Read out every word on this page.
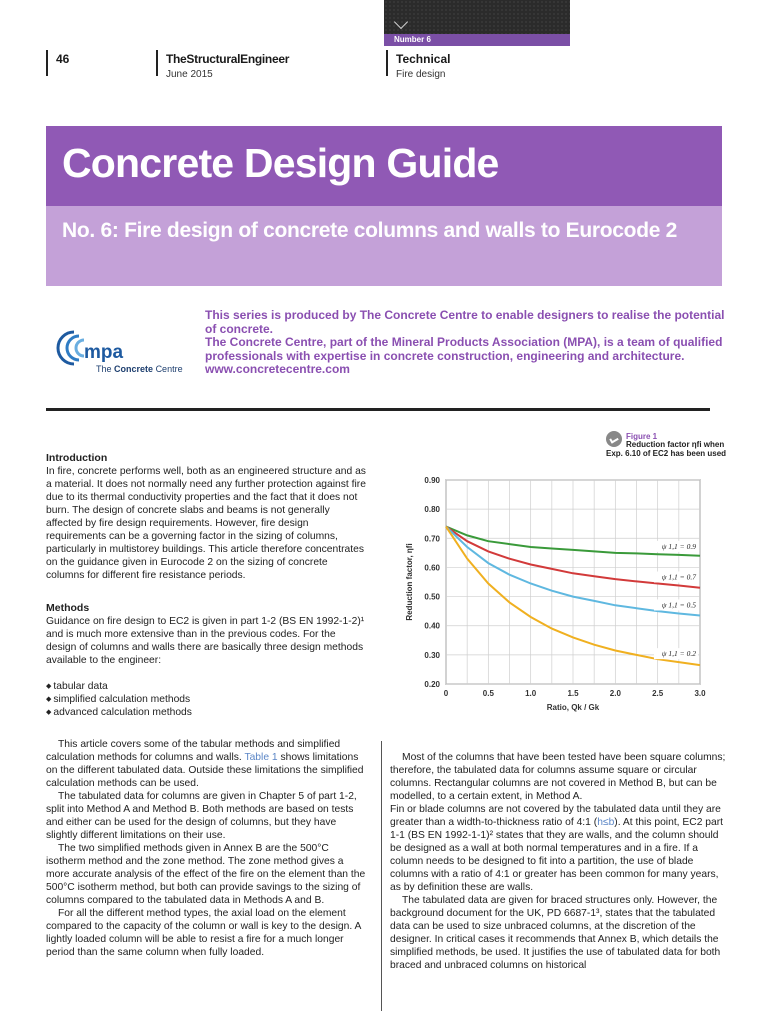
Number 6
46	TheStructuralEngineer
June 2015
Technical
Fire design
Concrete Design Guide
No. 6: Fire design of concrete columns and walls to Eurocode 2
mpa
The Concrete Centre

This series is produced by The Concrete Centre to enable designers to realise the potential of concrete.

The Concrete Centre, part of the Mineral Products Association (MPA), is a team of qualified professionals with expertise in concrete construction, engineering and architecture.

www.concretecentre.com

Introduction

In fire, concrete performs well, both as an engineered structure and as a material. It does not normally need any further protection against fire due to its thermal conductivity properties and the fact that it does not burn. The design of concrete slabs and beams is not generally affected by fire design requirements. However, fire design requirements can be a governing factor in the sizing of columns, particularly in multistorey buildings. This article therefore concentrates on the guidance given in Eurocode 2 on the sizing of concrete columns for different fire resistance periods.

Methods

Guidance on fire design to EC2 is given in part 1-2 (BS EN 1992-1-2)¹ and is much more extensive than in the previous codes. For the design of columns and walls there are basically three design methods available to the engineer:

◆ tabular data
◆ simplified calculation methods
◆ advanced calculation methods

This article covers some of the tabular methods and simplified calculation methods for columns and walls. Table 1 shows limitations on the different tabulated data. Outside these limitations the simplified calculation methods can be used.

The tabulated data for columns are given in Chapter 5 of part 1-2, split into Method A and Method B. Both methods are based on tests and either can be used for the design of columns, but they have slightly different limitations on their use.

The two simplified methods given in Annex B are the 500°C isotherm method and the zone method. The zone method gives a more accurate analysis of the effect of the fire on the element than the 500°C isotherm method, but both can provide savings to the sizing of columns compared to the tabulated data in Methods A and B.

For all the different method types, the axial load on the element compared to the capacity of the column or wall is key to the design. A lightly loaded column will be able to resist a fire for a much longer period than the same column when fully loaded.

Most of the columns that have been tested have been square columns; therefore, the tabulated data for columns assume square or circular columns. Rectangular columns are not covered in Method B, but can be modelled, to a certain extent, in Method A.

Fin or blade columns are not covered by the tabulated data until they are greater than a width-to-thickness ratio of 4:1 (h≤b). At this point, EC2 part 1-1 (BS EN 1992-1-1)² states that they are walls, and the column should be designed as a wall at both normal temperatures and in a fire. If a column needs to be designed to fit into a partition, the use of blade columns with a ratio of 4:1 or greater has been common for many years, as by definition these are walls.

The tabulated data are given for braced structures only. However, the background document for the UK, PD 6687-1³, states that the tabulated data can be used to size unbraced columns, at the discretion of the designer. In critical cases it recommends that Annex B, which details the simplified methods, be used. It justifies the use of tabulated data for both braced and unbraced columns on historical

Figure 1
Reduction factor ηfi when
Exp. 6.10 of EC2 has been used
0.20
0.30
0.40
0.50
0.60
0.70
0.80
0.90
0	0.5	1.0	1.5	2.0	2.5	3.0
Ratio, Qk / Gk
Reduction factor, ηfi	ψ 1,1 = 0.9
ψ 1,1 = 0.7
ψ 1,1 = 0.5
ψ 1,1 = 0.2
